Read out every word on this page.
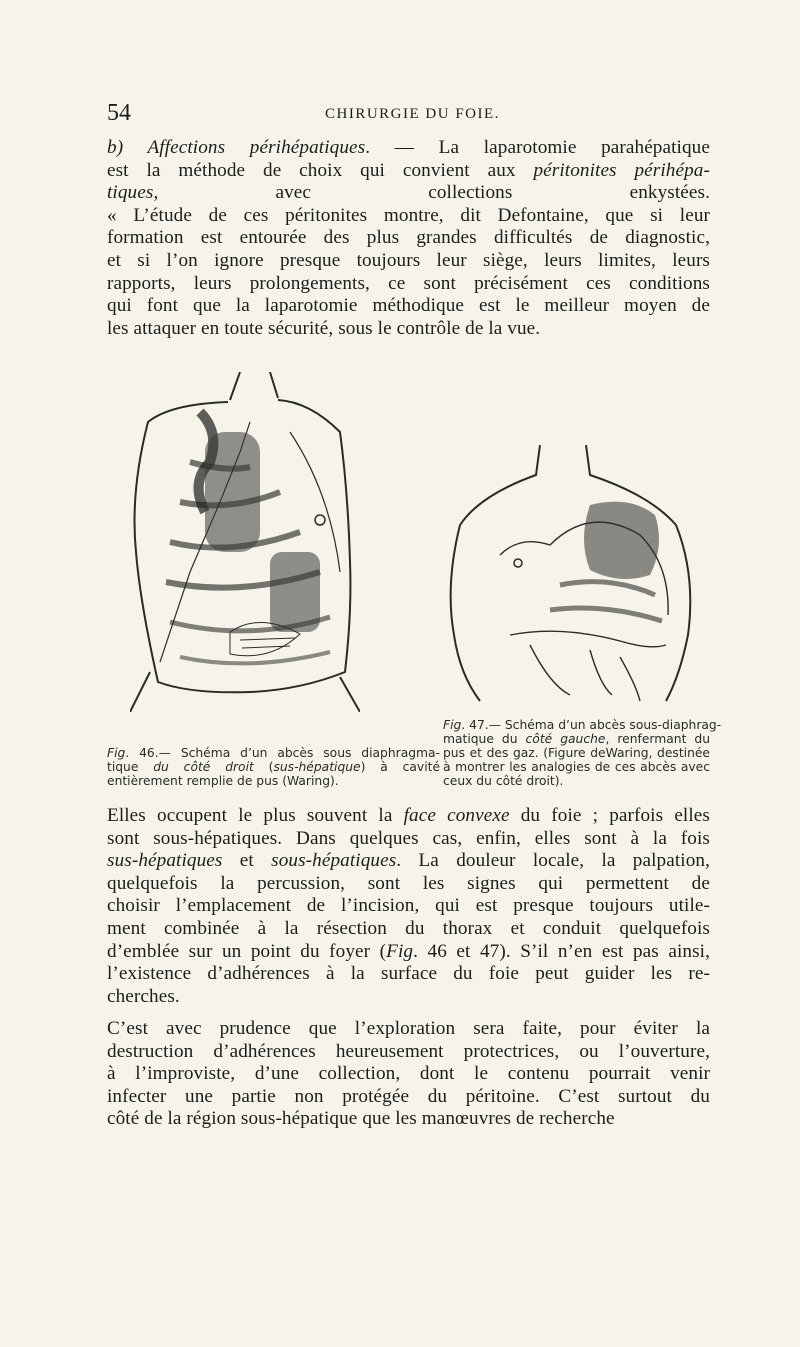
54	CHIRURGIE DU FOIE.
b) Affections périhépatiques. — La laparotomie parahépatique
est la méthode de choix qui convient aux péritonites périhépa-
tiques, avec collections enkystées.
« L’étude de ces péritonites montre, dit Defontaine, que si leur
formation est entourée des plus grandes difficultés de diagnostic,
et si l’on ignore presque toujours leur siège, leurs limites, leurs
rapports, leurs prolongements, ce sont précisément ces conditions
qui font que la laparotomie méthodique est le meilleur moyen de
les attaquer en toute sécurité, sous le contrôle de la vue.
Fig. 47.— Schéma d’un abcès sous-diaphrag-
matique du côté gauche, renfermant du
pus et des gaz. (Figure deWaring, destinée
à montrer les analogies de ces abcès avec
ceux du côté droit).
Fig. 46.— Schéma d’un abcès sous diaphragma-
tique du côté droit (sus-hépatique) à cavité
entièrement remplie de pus (Waring).
Elles occupent le plus souvent la face convexe du foie ; parfois elles
sont sous-hépatiques. Dans quelques cas, enfin, elles sont à la fois
sus-hépatiques et sous-hépatiques. La douleur locale, la palpation,
quelquefois la percussion, sont les signes qui permettent de
choisir l’emplacement de l’incision, qui est presque toujours utile-
ment combinée à la résection du thorax et conduit quelquefois
d’emblée sur un point du foyer (Fig. 46 et 47). S’il n’en est pas ainsi,
l’existence d’adhérences à la surface du foie peut guider les re-
cherches.
C’est avec prudence que l’exploration sera faite, pour éviter la
destruction d’adhérences heureusement protectrices, ou l’ouverture,
à l’improviste, d’une collection, dont le contenu pourrait venir
infecter une partie non protégée du péritoine. C’est surtout du
côté de la région sous-hépatique que les manœuvres de recherche
